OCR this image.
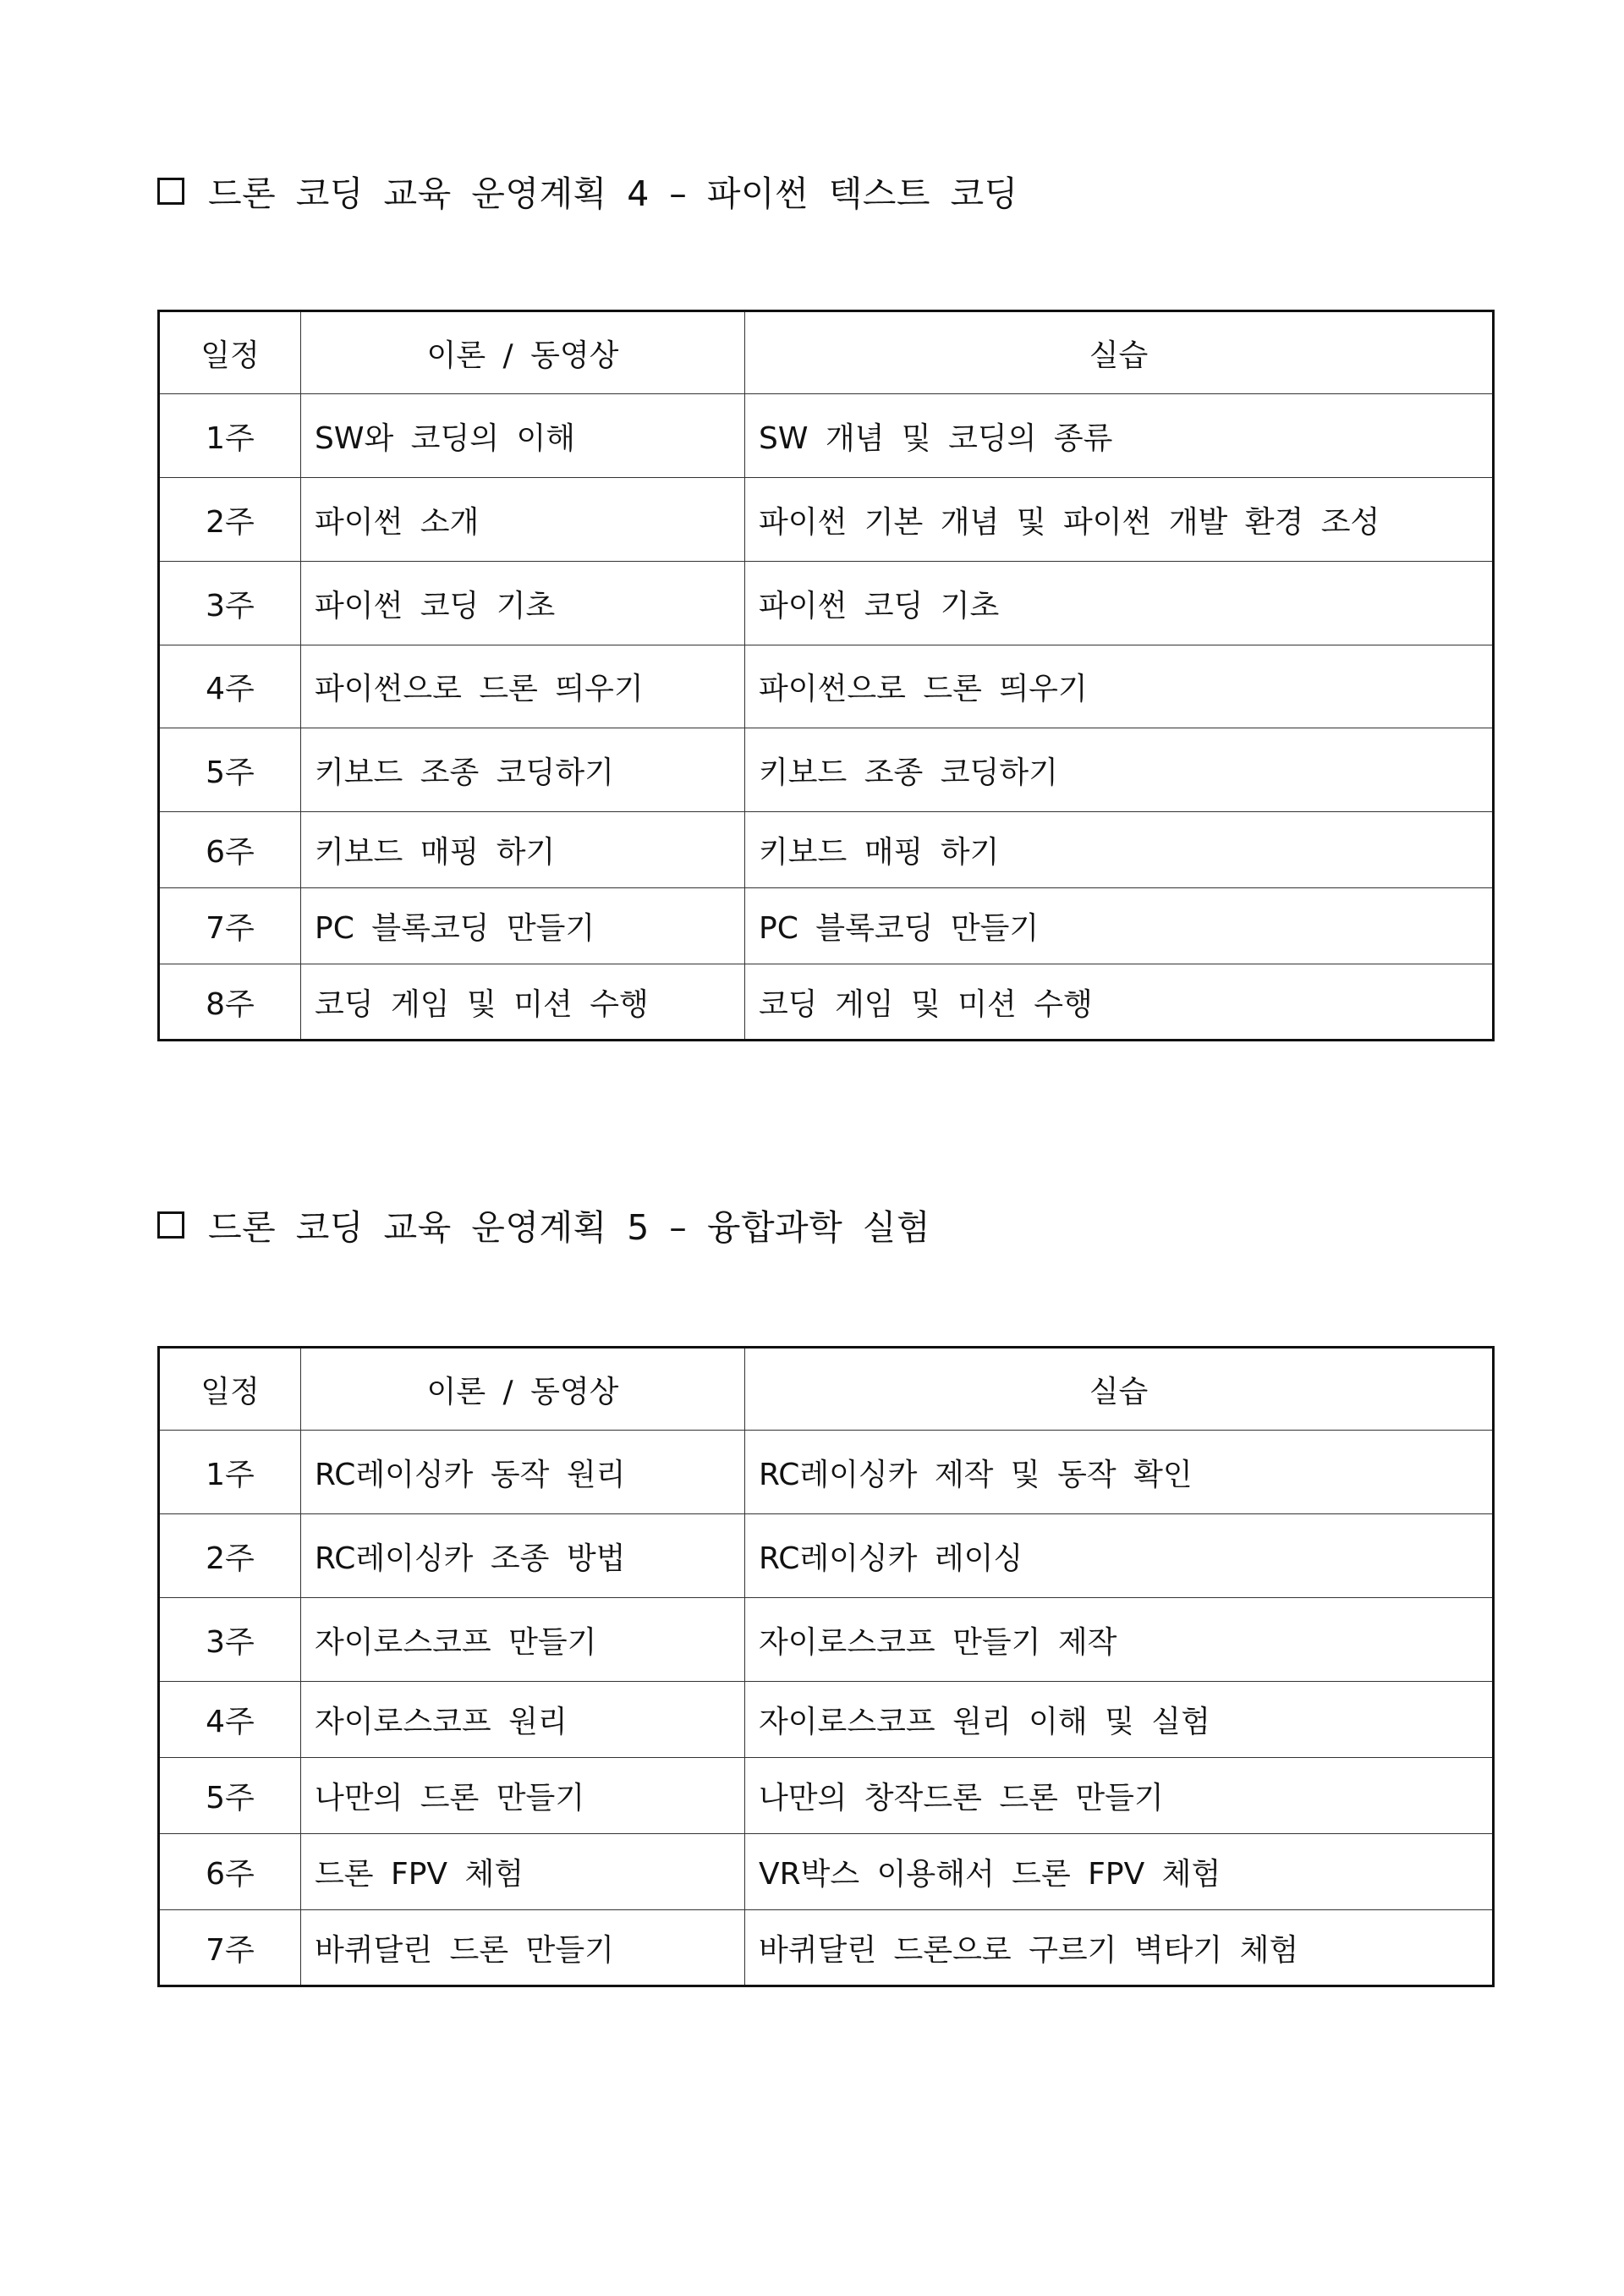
드론 코딩 교육 운영계획 4 – 파이썬 텍스트 코딩
일정	이론 / 동영상	실습
1주	SW와 코딩의 이해	SW 개념 및 코딩의 종류
2주	파이썬 소개	파이썬 기본 개념 및 파이썬 개발 환경 조성
3주	파이썬 코딩 기초	파이썬 코딩 기초
4주	파이썬으로 드론 띄우기	파이썬으로 드론 띄우기
5주	키보드 조종 코딩하기	키보드 조종 코딩하기
6주	키보드 매핑 하기	키보드 매핑 하기
7주	PC 블록코딩 만들기	PC 블록코딩 만들기
8주	코딩 게임 및 미션 수행	코딩 게임 및 미션 수행
드론 코딩 교육 운영계획 5 – 융합과학 실험
일정	이론 / 동영상	실습
1주	RC레이싱카 동작 원리	RC레이싱카 제작 및 동작 확인
2주	RC레이싱카 조종 방법	RC레이싱카 레이싱
3주	자이로스코프 만들기	자이로스코프 만들기 제작
4주	자이로스코프 원리	자이로스코프 원리 이해 및 실험
5주	나만의 드론 만들기	나만의 창작드론 드론 만들기
6주	드론 FPV 체험	VR박스 이용해서 드론 FPV 체험
7주	바퀴달린 드론 만들기	바퀴달린 드론으로 구르기 벽타기 체험
